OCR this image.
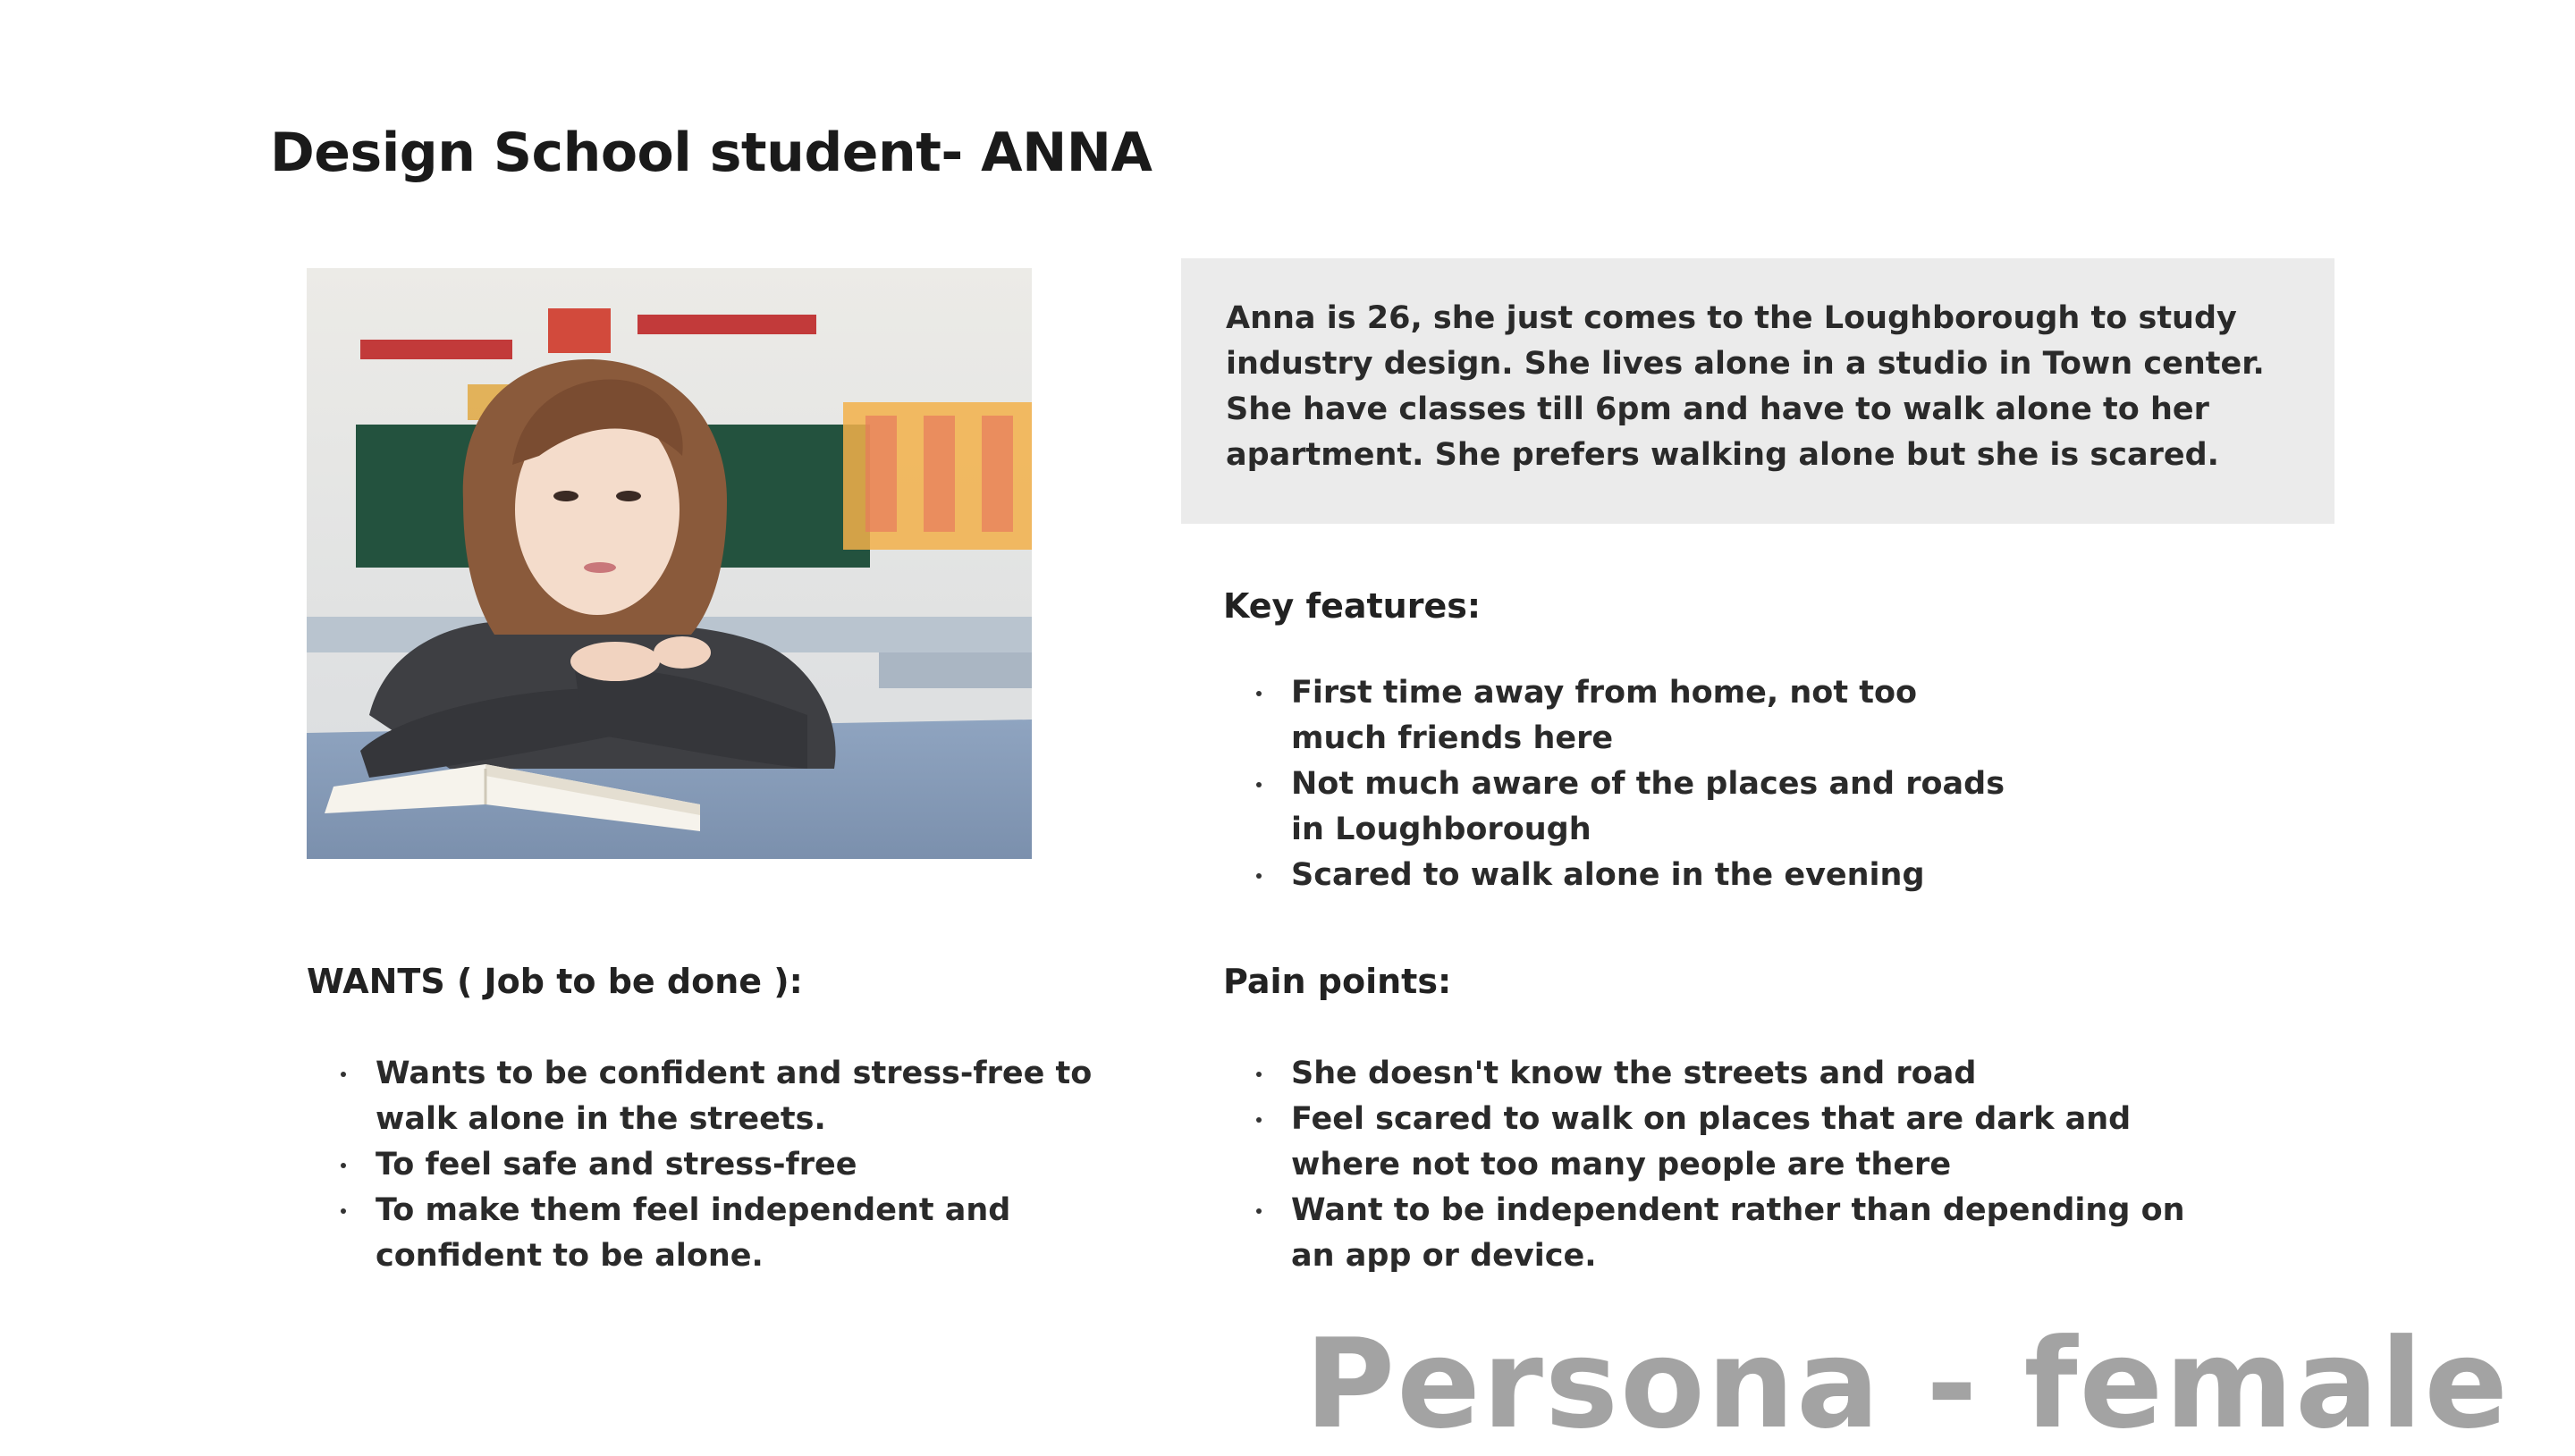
Design School student- ANNA

Anna is 26, she just comes to the Loughborough to study industry design. She lives alone in a studio in Town center. She have classes till 6pm and have to walk alone to her apartment. She prefers walking alone but she is scared.

Key features:
First time away from home, not too much friends here
Not much aware of the places and roads in Loughborough
Scared to walk alone in the evening
WANTS ( Job to be done ):
Wants to be confident and stress-free to walk alone in the streets.
To feel safe and stress-free
To make them feel independent and confident to be alone.
Pain points:
She doesn't know the streets and road
Feel scared to walk on places that are dark and where not too many people are there
Want to be independent rather than depending on an app or device.
Persona - female
